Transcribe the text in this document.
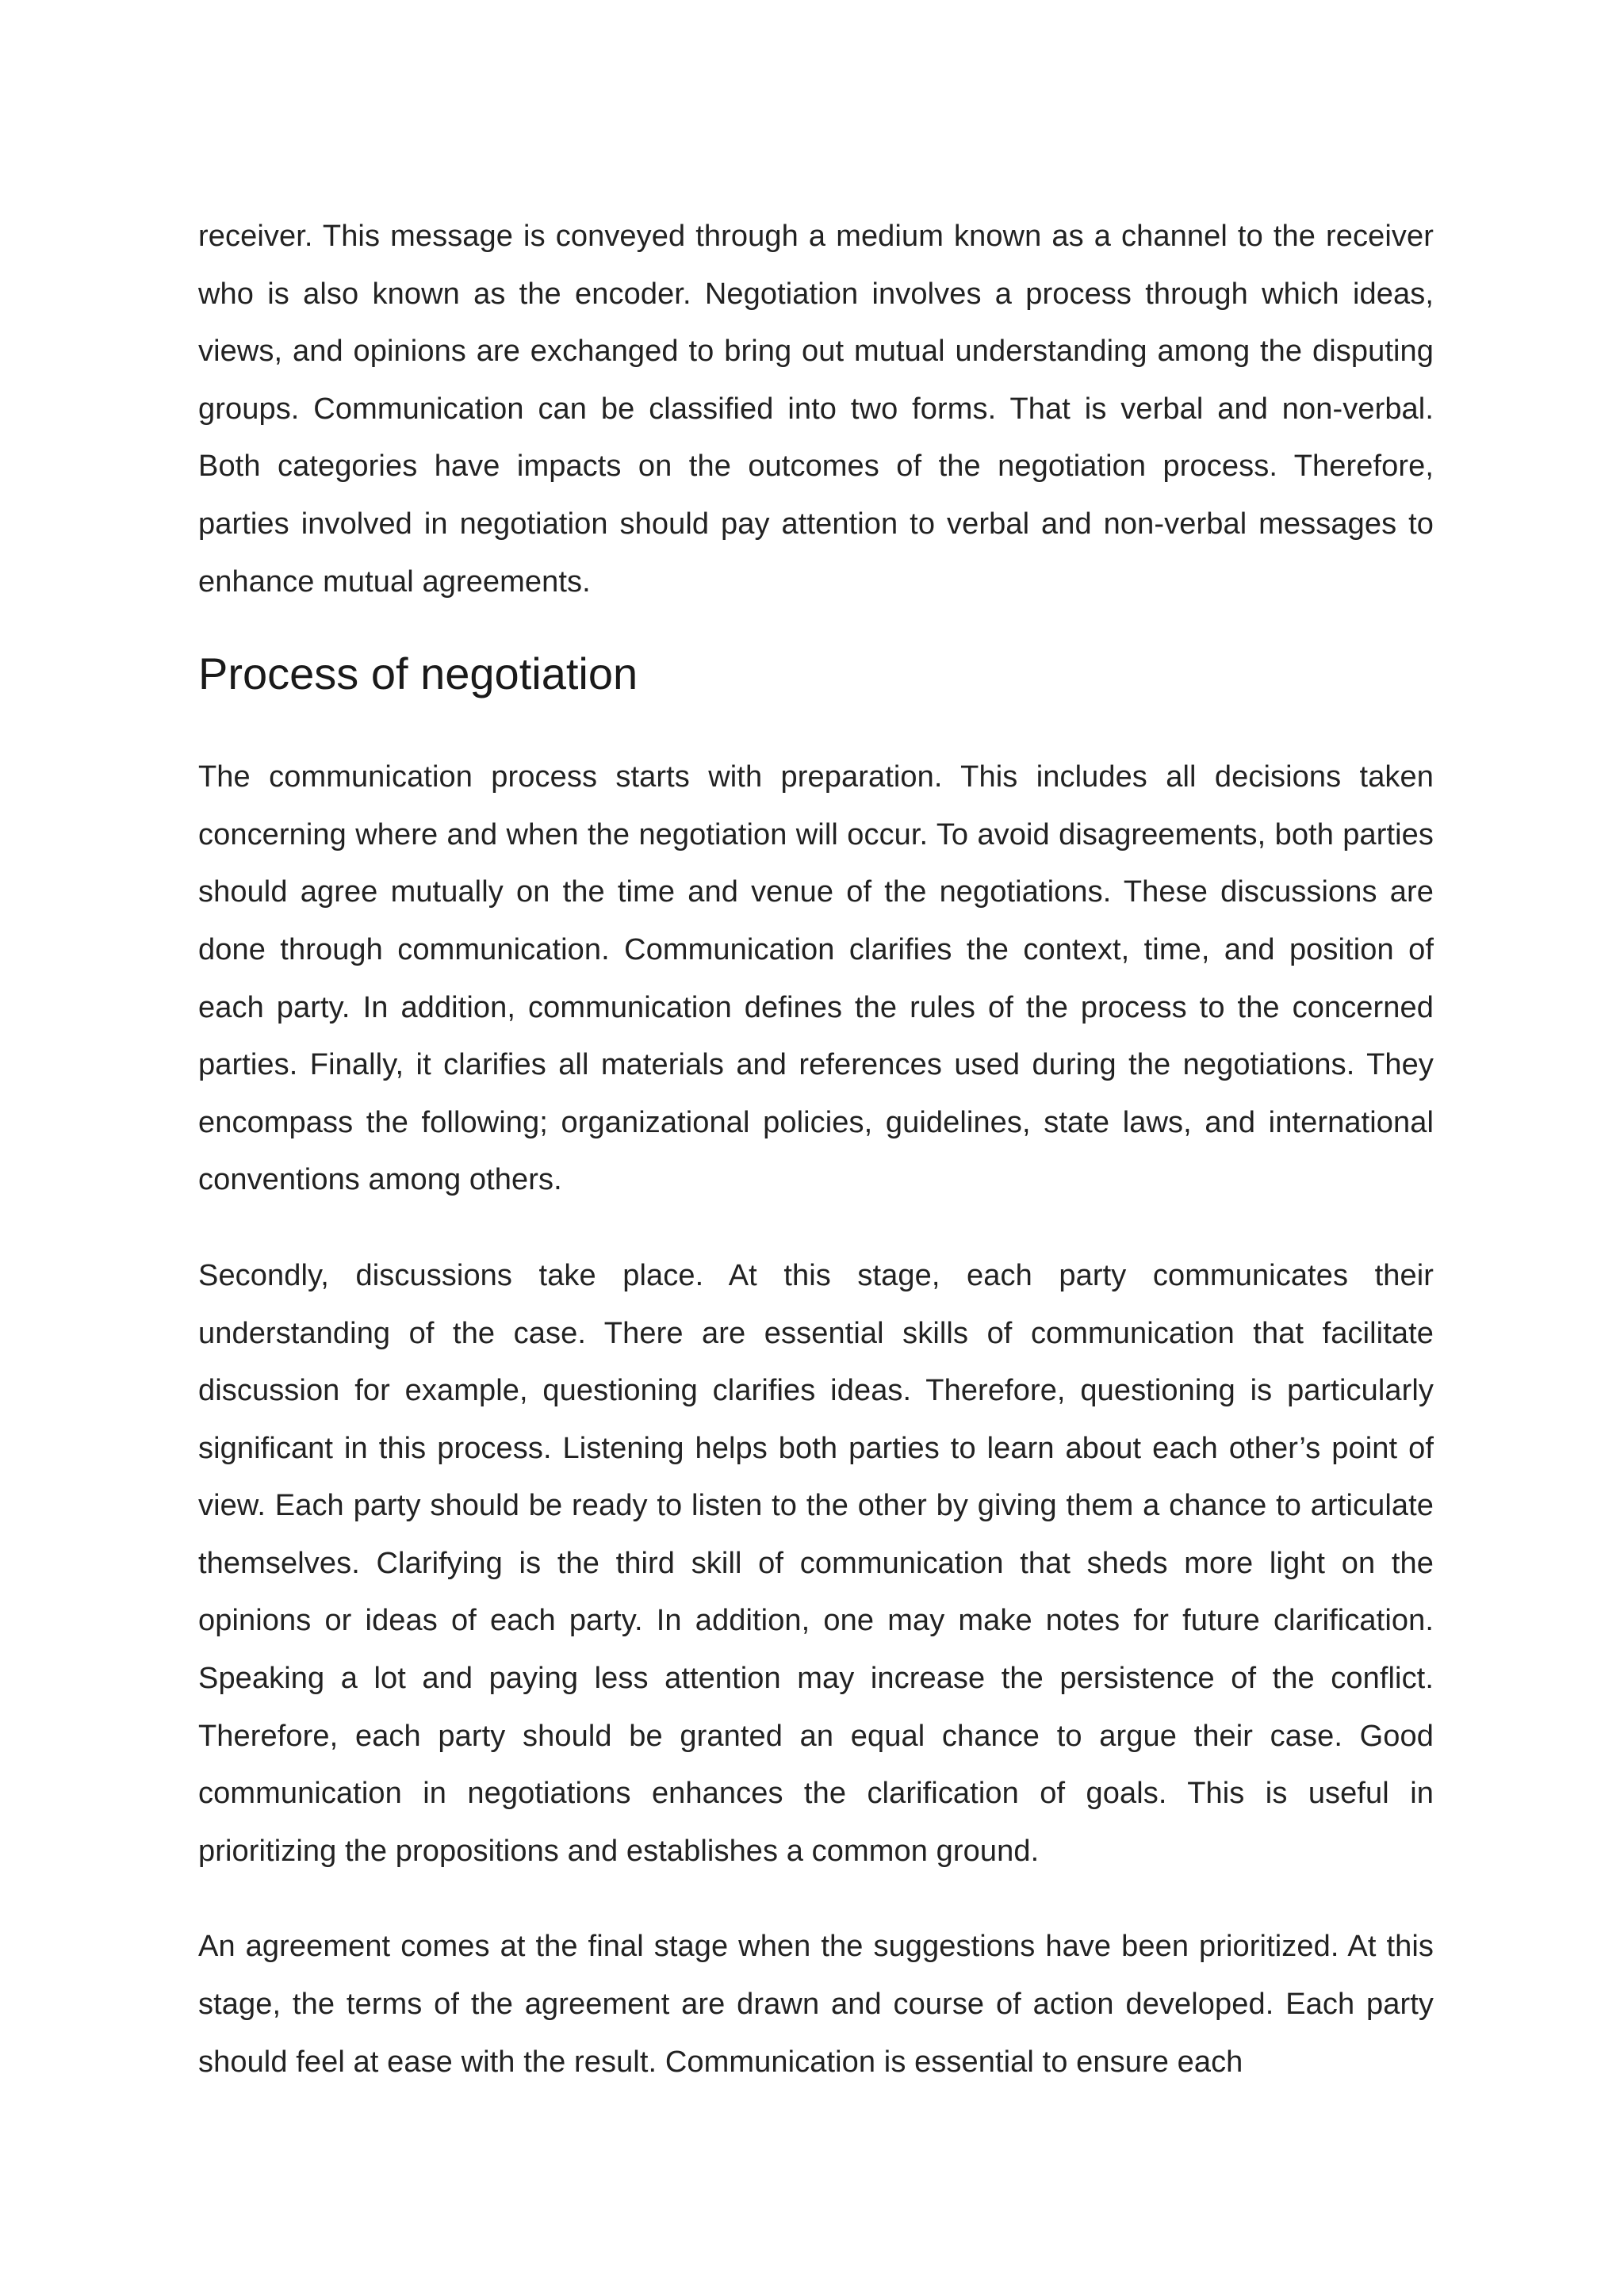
receiver. This message is conveyed through a medium known as a channel to the receiver who is also known as the encoder. Negotiation involves a process through which ideas, views, and opinions are exchanged to bring out mutual understanding among the disputing groups. Communication can be classified into two forms. That is verbal and non-verbal. Both categories have impacts on the outcomes of the negotiation process. Therefore, parties involved in negotiation should pay attention to verbal and non-verbal messages to enhance mutual agreements.

Process of negotiation

The communication process starts with preparation. This includes all decisions taken concerning where and when the negotiation will occur. To avoid disagreements, both parties should agree mutually on the time and venue of the negotiations. These discussions are done through communication. Communication clarifies the context, time, and position of each party. In addition, communication defines the rules of the process to the concerned parties. Finally, it clarifies all materials and references used during the negotiations. They encompass the following; organizational policies, guidelines, state laws, and international conventions among others.

Secondly, discussions take place. At this stage, each party communicates their understanding of the case. There are essential skills of communication that facilitate discussion for example, questioning clarifies ideas. Therefore, questioning is particularly significant in this process. Listening helps both parties to learn about each other’s point of view. Each party should be ready to listen to the other by giving them a chance to articulate themselves. Clarifying is the third skill of communication that sheds more light on the opinions or ideas of each party. In addition, one may make notes for future clarification. Speaking a lot and paying less attention may increase the persistence of the conflict. Therefore, each party should be granted an equal chance to argue their case. Good communication in negotiations enhances the clarification of goals. This is useful in prioritizing the propositions and establishes a common ground.

An agreement comes at the final stage when the suggestions have been prioritized. At this stage, the terms of the agreement are drawn and course of action developed. Each party should feel at ease with the result. Communication is essential to ensure each
